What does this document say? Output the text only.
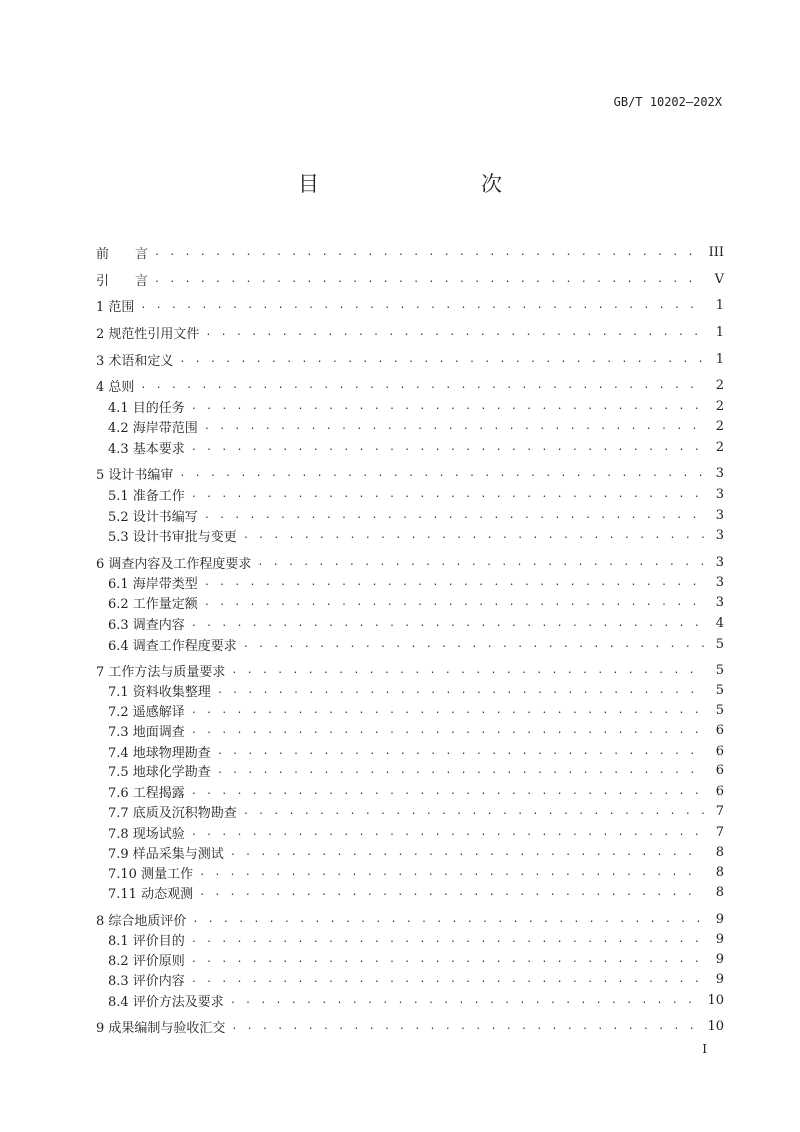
GB/T 10202—202X
目　　次
前　　言 . . .	III
引　　言 . . .	V
1 范围 . . .	1
2 规范性引用文件 . . .	1
3 术语和定义 . . .	1
4 总则 . . .	2
4.1 目的任务 . . .	2
4.2 海岸带范围 . . .	2
4.3 基本要求 . . .	2
5 设计书编审 . . .	3
5.1 准备工作 . . .	3
5.2 设计书编写 . . .	3
5.3 设计书审批与变更 . . .	3
6 调查内容及工作程度要求 . . .	3
6.1 海岸带类型 . . .	3
6.2 工作量定额 . . .	3
6.3 调查内容 . . .	4
6.4 调查工作程度要求 . . .	5
7 工作方法与质量要求 . . .	5
7.1 资料收集整理 . . .	5
7.2 遥感解译 . . .	5
7.3 地面调查 . . .	6
7.4 地球物理勘查 . . .	6
7.5 地球化学勘查 . . .	6
7.6 工程揭露 . . .	6
7.7 底质及沉积物勘查 . . .	7
7.8 现场试验 . . .	7
7.9 样品采集与测试 . . .	8
7.10 测量工作 . . .	8
7.11 动态观测 . . .	8
8 综合地质评价 . . .	9
8.1 评价目的 . . .	9
8.2 评价原则 . . .	9
8.3 评价内容 . . .	9
8.4 评价方法及要求 . . .	10
9 成果编制与验收汇交 . . .	10
I
